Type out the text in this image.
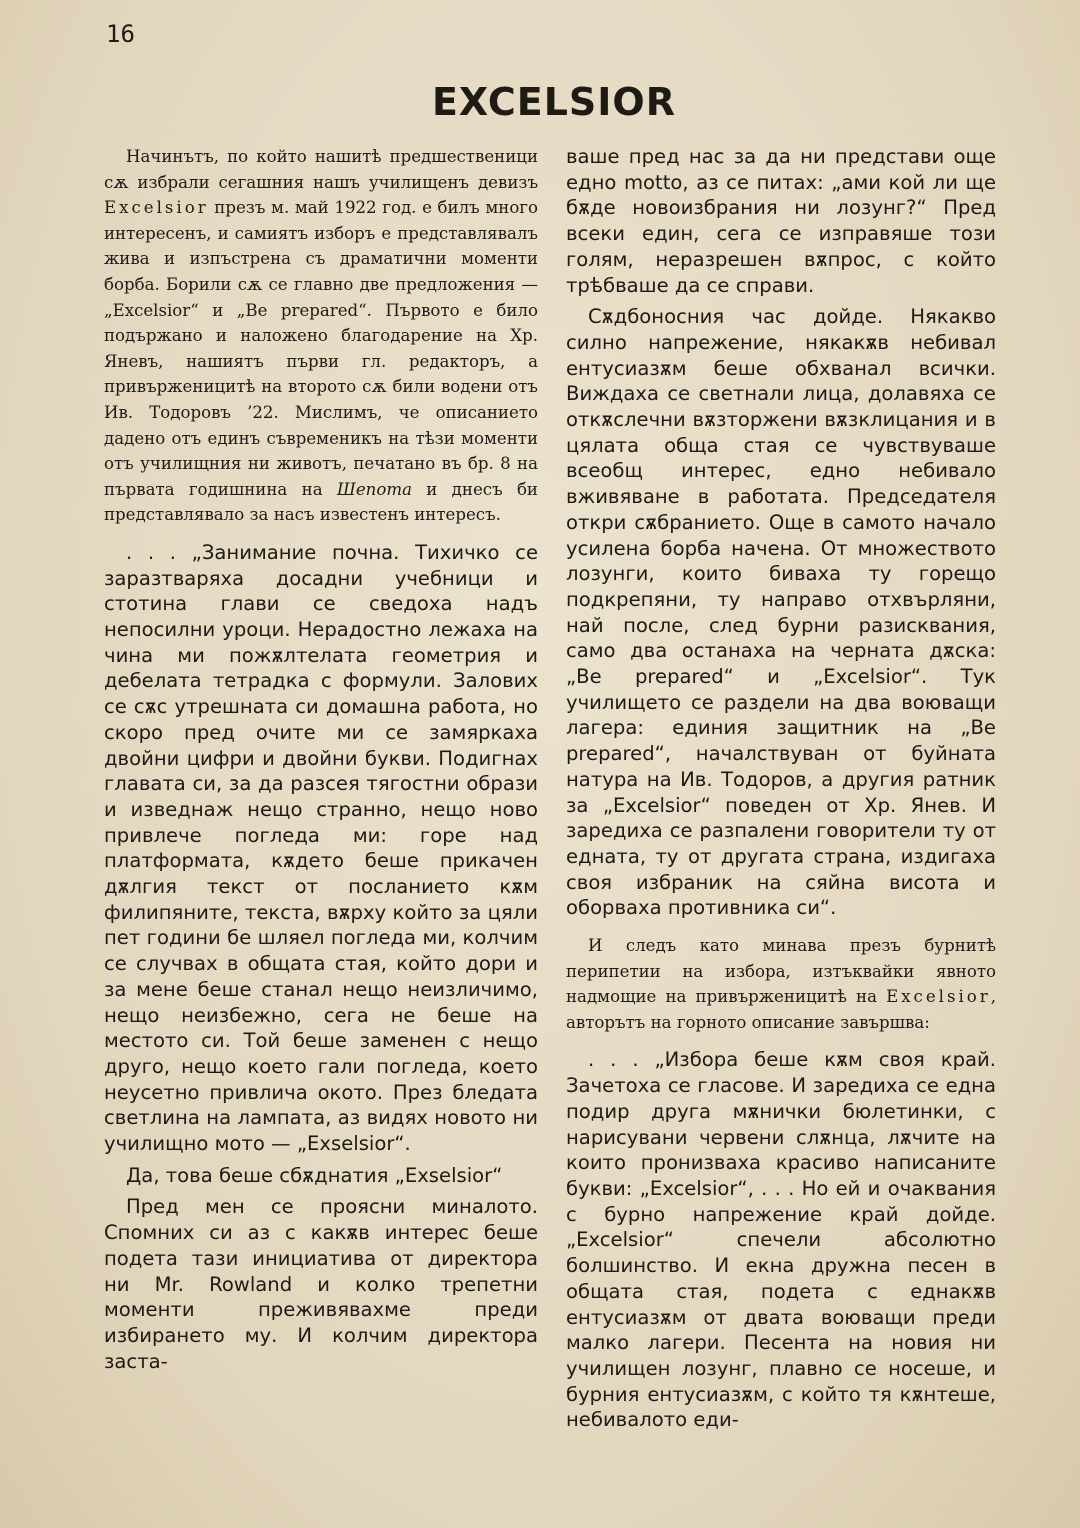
16
EXCELSIOR

Начинътъ, по който нашитѣ предшественици сѫ избрали сегашния нашъ училищенъ девизъ Excelsior презъ м. май 1922 год. е билъ много интересенъ, и самиятъ изборъ е представлявалъ жива и изпъстрена съ драматични моменти борба. Борили сѫ се главно две предложения — „Excelsior“ и „Be prepared“. Първото е било подържано и наложено благодарение на Хр. Яневъ, нашиятъ първи гл. редакторъ, а привърженицитѣ на второто сѫ били водени отъ Ив. Тодоровъ ’22. Мислимъ, че описанието дадено отъ единъ съвременикъ на тѣзи моменти отъ училищния ни животъ, печатано въ бр. 8 на първата годишнина на Шепота и днесъ би представлявало за насъ известенъ интересъ.

. . . „Занимание почна. Тихичко се заразтваряха досадни учебници и стотина глави се сведоха надъ непосилни уроци. Нерадостно лежаха на чина ми пожѫлтелата геометрия и дебелата тетрадка с формули. Залових се сѫс утрешната си домашна работа, но скоро пред очите ми се замяркаха двойни цифри и двойни букви. Подигнах главата си, за да разсея тягостни образи и изведнаж нещо странно, нещо ново привлече погледа ми: горе над платформата, кѫдето беше прикачен дѫлгия текст от посланието кѫм филипяните, текста, вѫрху който за цяли пет години бе шляел погледа ми, колчим се случвах в общата стая, който дори и за мене беше станал нещо неизличимо, нещо неизбежно, сега не беше на местото си. Той беше заменен с нещо друго, нещо което гали погледа, което неусетно привлича окото. През бледата светлина на лампата, аз видях новото ни училищно мото — „Exselsior“.

Да, това беше сбѫднатия „Exselsior“

Пред мен се проясни миналото. Спомних си аз с какѫв интерес беше подета тази инициатива от директора ни Mr. Rowland и колко трепетни моменти преживявахме преди избирането му. И колчим директора заста-

ваше пред нас за да ни представи още едно motto, аз се питах: „ами кой ли ще бѫде новоизбрания ни лозунг?“ Пред всеки един, сега се изправяше този голям, неразрешен вѫпрос, с който трѣбваше да се справи.

Сѫдбоносния час дойде. Някакво силно напрежение, някакѫв небивал ентусиазѫм беше обхванал всички. Виждаха се светнали лица, долавяха се откѫслечни вѫзторжени вѫзклицания и в цялата обща стая се чувствуваше всеобщ интерес, едно небивало вживяване в работата. Председателя откри сѫбранието. Още в самото начало усилена борба начена. От множеството лозунги, които биваха ту горещо подкрепяни, ту направо отхвърляни, най после, след бурни разисквания, само два останаха на черната дѫска: „Be prepared“ и „Excelsior“. Тук училището се раздели на два воюващи лагера: единия защитник на „Be prepared“, началствуван от буйната натура на Ив. Тодоров, а другия ратник за „Excelsior“ поведен от Хр. Янев. И заредиха се разпалени говорители ту от едната, ту от другата страна, издигаха своя избраник на сяйна висота и оборваха противника си“.

И следъ като минава презъ бурнитѣ перипетии на избора, изтъквайки явното надмощие на привърженицитѣ на Excelsior, авторътъ на горното описание завършва:

. . . „Избора беше кѫм своя край. Зачетоха се гласове. И заредиха се една подир друга мѫнички бюлетинки, с нарисувани червени слѫнца, лѫчите на които пронизваха красиво написаните букви: „Excelsior“, . . . Но ей и очаквания с бурно напрежение край дойде. „Excelsior“ спечели абсолютно болшинство. И екна дружна песен в общата стая, подета с еднакѫв ентусиазѫм от двата воюващи преди малко лагери. Песента на новия ни училищен лозунг, плавно се носеше, и бурния ентусиазѫм, с който тя кѫнтеше, небивалото еди-
